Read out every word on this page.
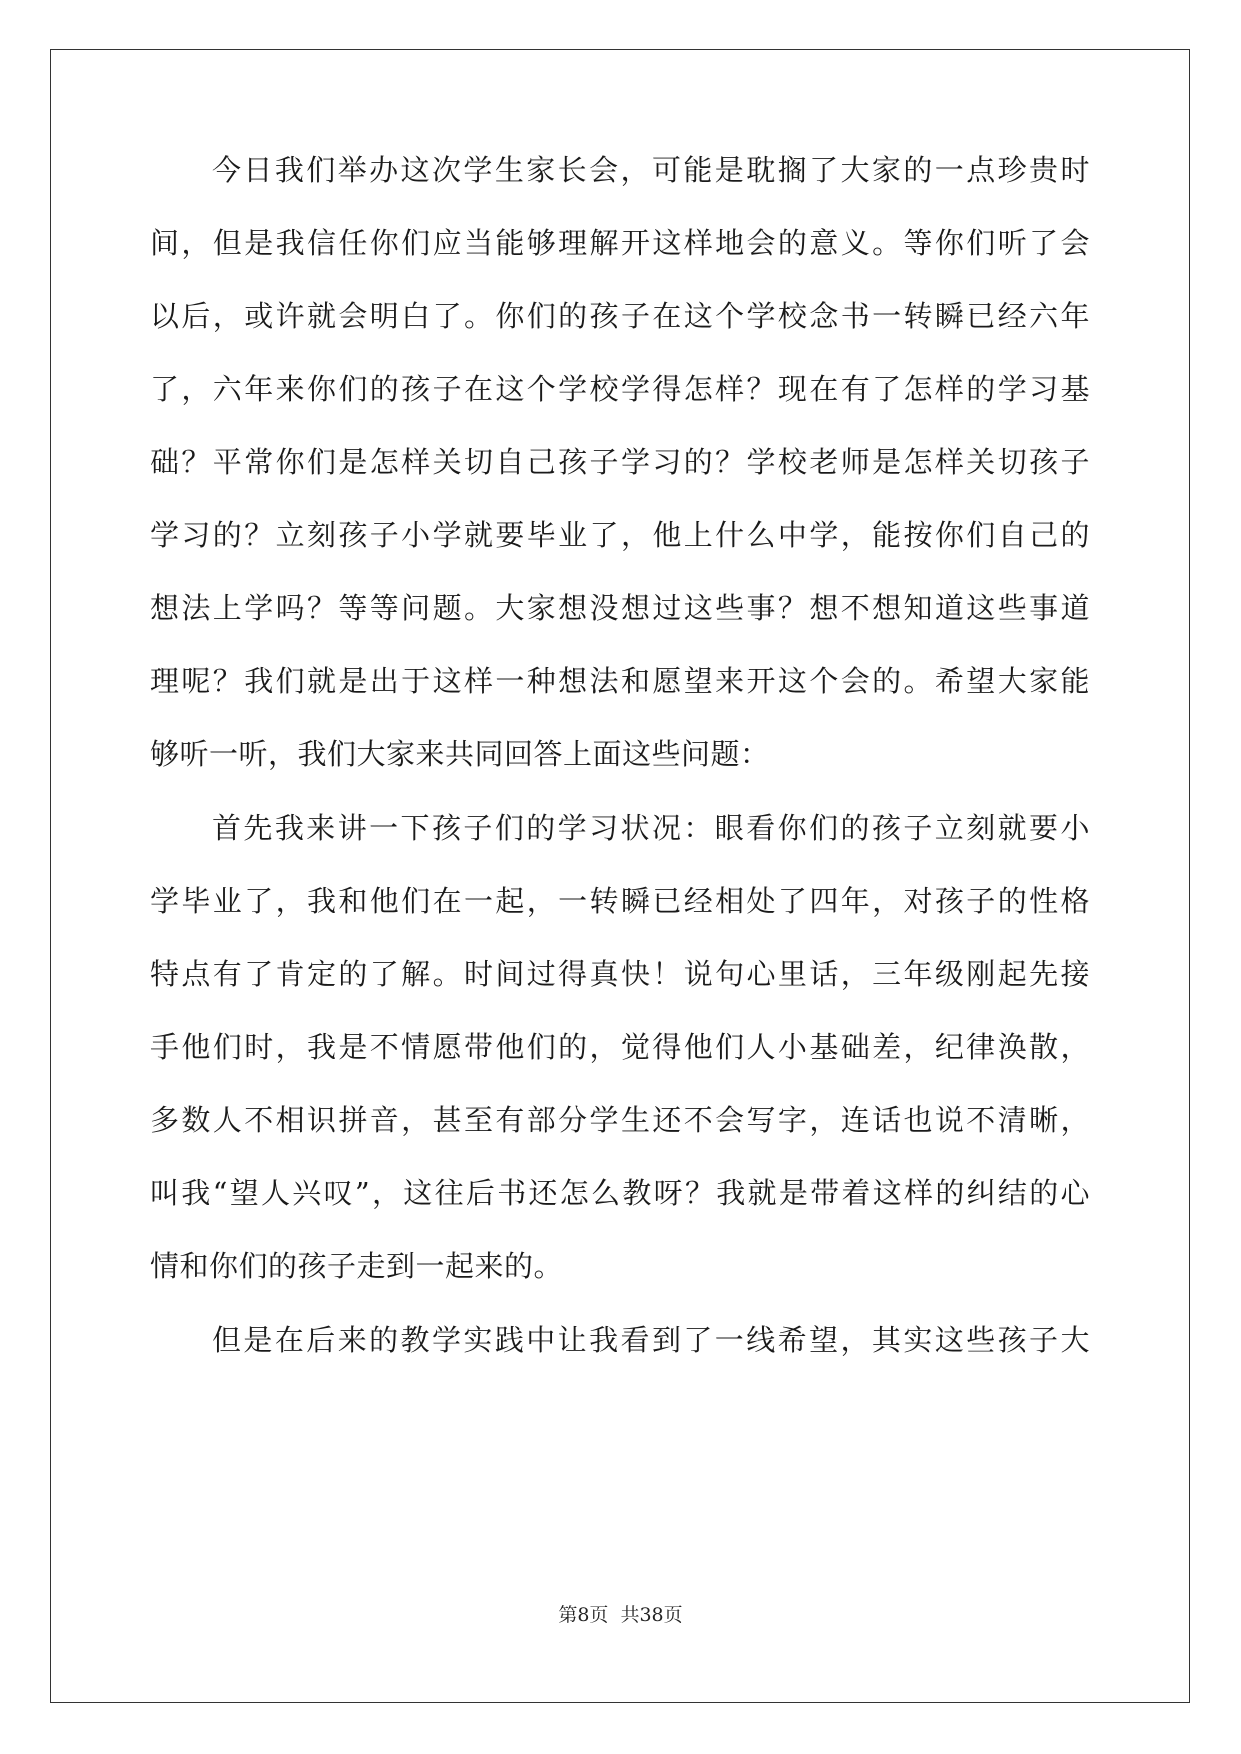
今日我们举办这次学生家长会，可能是耽搁了大家的一点珍贵时
间，但是我信任你们应当能够理解开这样地会的意义。等你们听了会
以后，或许就会明白了。你们的孩子在这个学校念书一转瞬已经六年
了，六年来你们的孩子在这个学校学得怎样？现在有了怎样的学习基
础？平常你们是怎样关切自己孩子学习的？学校老师是怎样关切孩子
学习的？立刻孩子小学就要毕业了，他上什么中学，能按你们自己的
想法上学吗？等等问题。大家想没想过这些事？想不想知道这些事道
理呢？我们就是出于这样一种想法和愿望来开这个会的。希望大家能
够听一听，我们大家来共同回答上面这些问题：
首先我来讲一下孩子们的学习状况：眼看你们的孩子立刻就要小
学毕业了，我和他们在一起，一转瞬已经相处了四年，对孩子的性格
特点有了肯定的了解。时间过得真快！说句心里话，三年级刚起先接
手他们时，我是不情愿带他们的，觉得他们人小基础差，纪律涣散，
多数人不相识拼音，甚至有部分学生还不会写字，连话也说不清晰，
叫我“望人兴叹”，这往后书还怎么教呀？我就是带着这样的纠结的心
情和你们的孩子走到一起来的。
但是在后来的教学实践中让我看到了一线希望，其实这些孩子大
第8页 共38页
